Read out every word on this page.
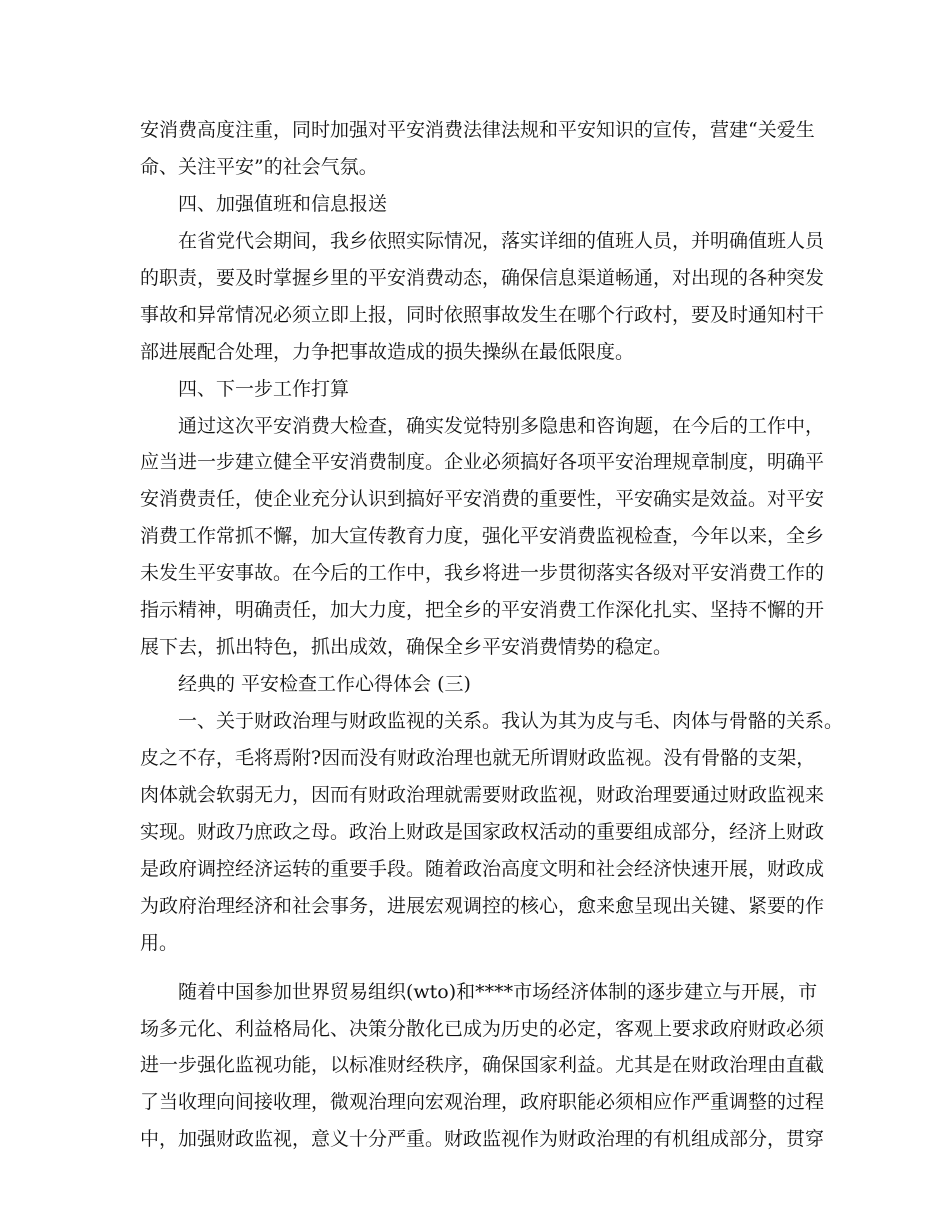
安消费高度注重，同时加强对平安消费法律法规和平安知识的宣传，营建“关爱生
命、关注平安”的社会气氛。
四、加强值班和信息报送
在省党代会期间，我乡依照实际情况，落实详细的值班人员，并明确值班人员
的职责，要及时掌握乡里的平安消费动态，确保信息渠道畅通，对出现的各种突发
事故和异常情况必须立即上报，同时依照事故发生在哪个行政村，要及时通知村干
部进展配合处理，力争把事故造成的损失操纵在最低限度。
四、下一步工作打算
通过这次平安消费大检查，确实发觉特别多隐患和咨询题，在今后的工作中，
应当进一步建立健全平安消费制度。企业必须搞好各项平安治理规章制度，明确平
安消费责任，使企业充分认识到搞好平安消费的重要性，平安确实是效益。对平安
消费工作常抓不懈，加大宣传教育力度，强化平安消费监视检查，今年以来，全乡
未发生平安事故。在今后的工作中，我乡将进一步贯彻落实各级对平安消费工作的
指示精神，明确责任，加大力度，把全乡的平安消费工作深化扎实、坚持不懈的开
展下去，抓出特色，抓出成效，确保全乡平安消费情势的稳定。
经典的 平安检查工作心得体会 (三)
一、关于财政治理与财政监视的关系。我认为其为皮与毛、肉体与骨骼的关系。
皮之不存，毛将焉附?因而没有财政治理也就无所谓财政监视。没有骨骼的支架，
肉体就会软弱无力，因而有财政治理就需要财政监视，财政治理要通过财政监视来
实现。财政乃庶政之母。政治上财政是国家政权活动的重要组成部分，经济上财政
是政府调控经济运转的重要手段。随着政治高度文明和社会经济快速开展，财政成
为政府治理经济和社会事务，进展宏观调控的核心，愈来愈呈现出关键、紧要的作
用。
随着中国参加世界贸易组织(wto)和****市场经济体制的逐步建立与开展，市
场多元化、利益格局化、决策分散化已成为历史的必定，客观上要求政府财政必须
进一步强化监视功能，以标准财经秩序，确保国家利益。尤其是在财政治理由直截
了当收理向间接收理，微观治理向宏观治理，政府职能必须相应作严重调整的过程
中，加强财政监视，意义十分严重。财政监视作为财政治理的有机组成部分，贯穿
